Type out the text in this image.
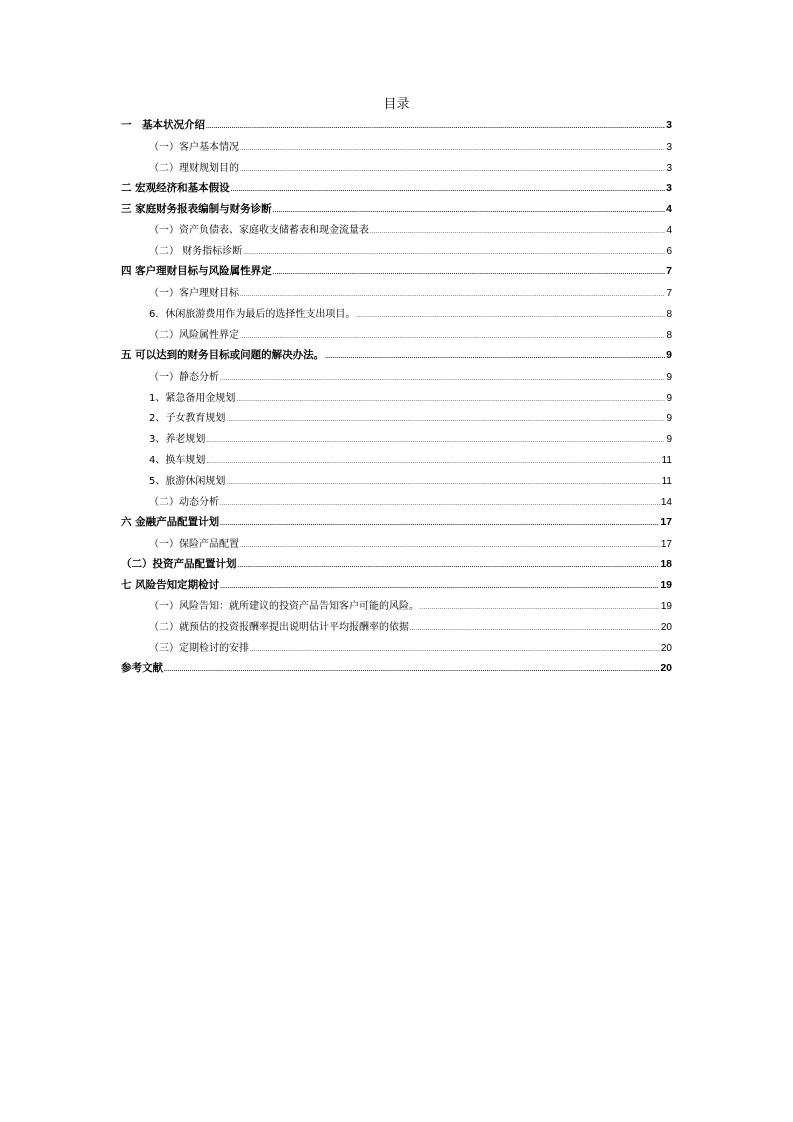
目录
一　基本状况介绍 .....	3
（一）客户基本情况 .....	3
（二）理财规划目的 .....	3
二 宏观经济和基本假设 .....	3
三 家庭财务报表编制与财务诊断 .....	4
（一）资产负债表、家庭收支储蓄表和现金流量表 .....	4
（二） 财务指标诊断 .....	6
四 客户理财目标与风险属性界定 .....	7
（一）客户理财目标 .....	7
6．休闲旅游费用作为最后的选择性支出项目。 .....	8
（二）风险属性界定 .....	8
五 可以达到的财务目标或问题的解决办法。 .....	9
（一）静态分析 .....	9
1、紧急备用金规划 .....	9
2、子女教育规划 .....	9
3、养老规划 .....	9
4、换车规划 .....	11
5、旅游休闲规划 .....	11
（二）动态分析 .....	14
六 金融产品配置计划 .....	17
（一）保险产品配置 .....	17
（二）投资产品配置计划 .....	18
七 风险告知定期检讨 .....	19
（一）风险告知：就所建议的投资产品告知客户可能的风险。 .....	19
（二）就预估的投资报酬率提出说明估计平均报酬率的依据 .....	20
（三）定期检讨的安排 .....	20
参考文献 .....	20
